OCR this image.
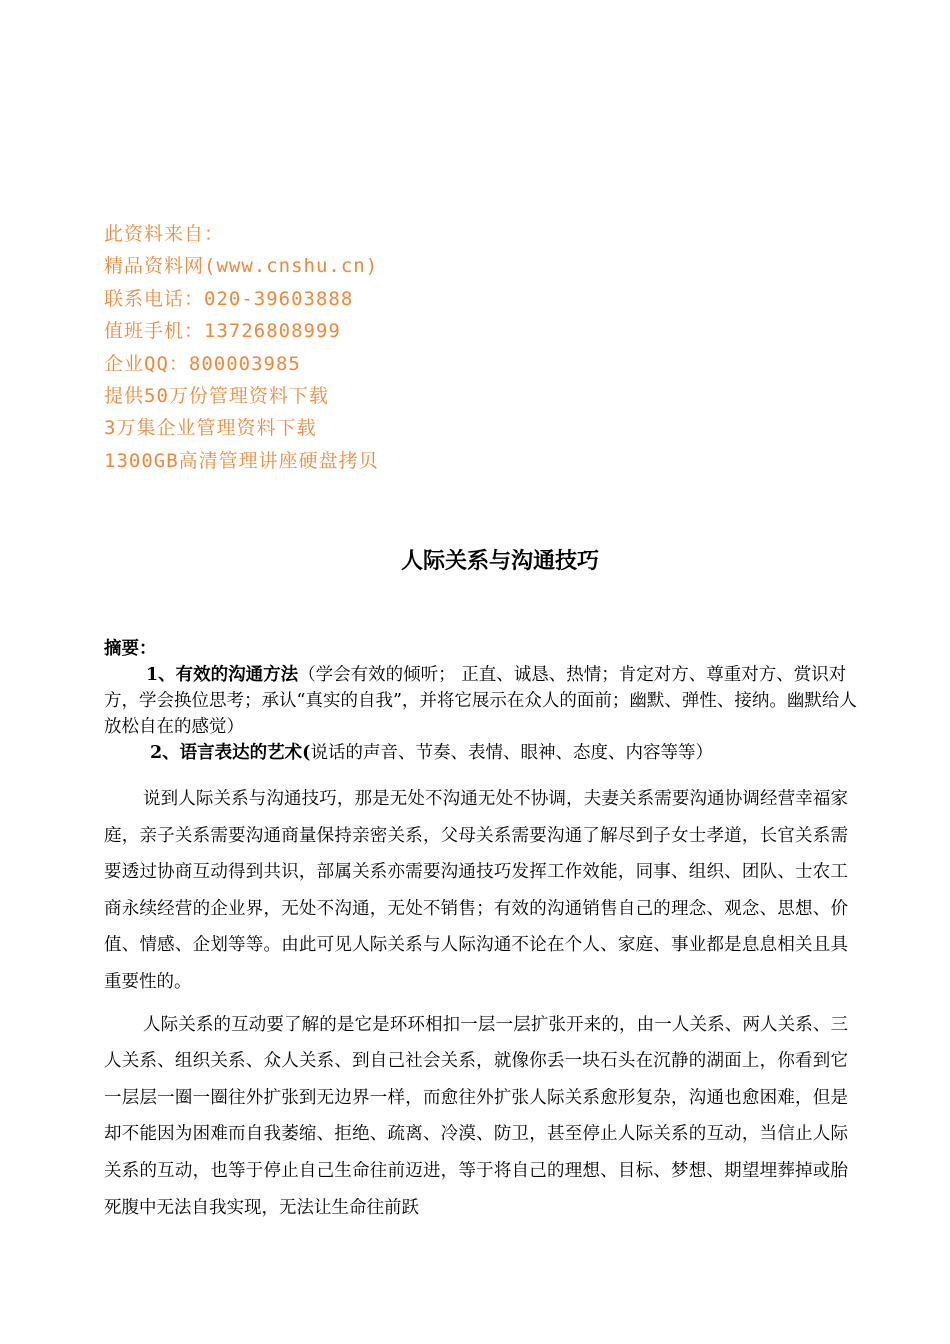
此资料来自：
精品资料网(www.cnshu.cn)
联系电话：020-39603888
值班手机：13726808999
企业QQ：800003985
提供50万份管理资料下载
3万集企业管理资料下载
1300GB高清管理讲座硬盘拷贝
人际关系与沟通技巧
摘要：

1、有效的沟通方法（学会有效的倾听； 正直、诚恳、热情；肯定对方、尊重对方、赏识对方，学会换位思考；承认“真实的自我”，并将它展示在众人的面前；幽默、弹性、接纳。幽默给人放松自在的感觉）

2、语言表达的艺术(说话的声音、节奏、表情、眼神、态度、内容等等）

说到人际关系与沟通技巧，那是无处不沟通无处不协调，夫妻关系需要沟通协调经营幸福家庭，亲子关系需要沟通商量保持亲密关系，父母关系需要沟通了解尽到子女士孝道，长官关系需要透过协商互动得到共识，部属关系亦需要沟通技巧发挥工作效能，同事、组织、团队、士农工商永续经营的企业界，无处不沟通，无处不销售；有效的沟通销售自己的理念、观念、思想、价值、情感、企划等等。由此可见人际关系与人际沟通不论在个人、家庭、事业都是息息相关且具重要性的。

人际关系的互动要了解的是它是环环相扣一层一层扩张开来的，由一人关系、两人关系、三人关系、组织关系、众人关系、到自己社会关系，就像你丢一块石头在沉静的湖面上，你看到它一层层一圈一圈往外扩张到无边界一样，而愈往外扩张人际关系愈形复杂，沟通也愈困难，但是却不能因为困难而自我萎缩、拒绝、疏离、冷漠、防卫，甚至停止人际关系的互动，当信止人际关系的互动，也等于停止自己生命往前迈进，等于将自己的理想、目标、梦想、期望埋葬掉或胎死腹中无法自我实现，无法让生命往前跃
